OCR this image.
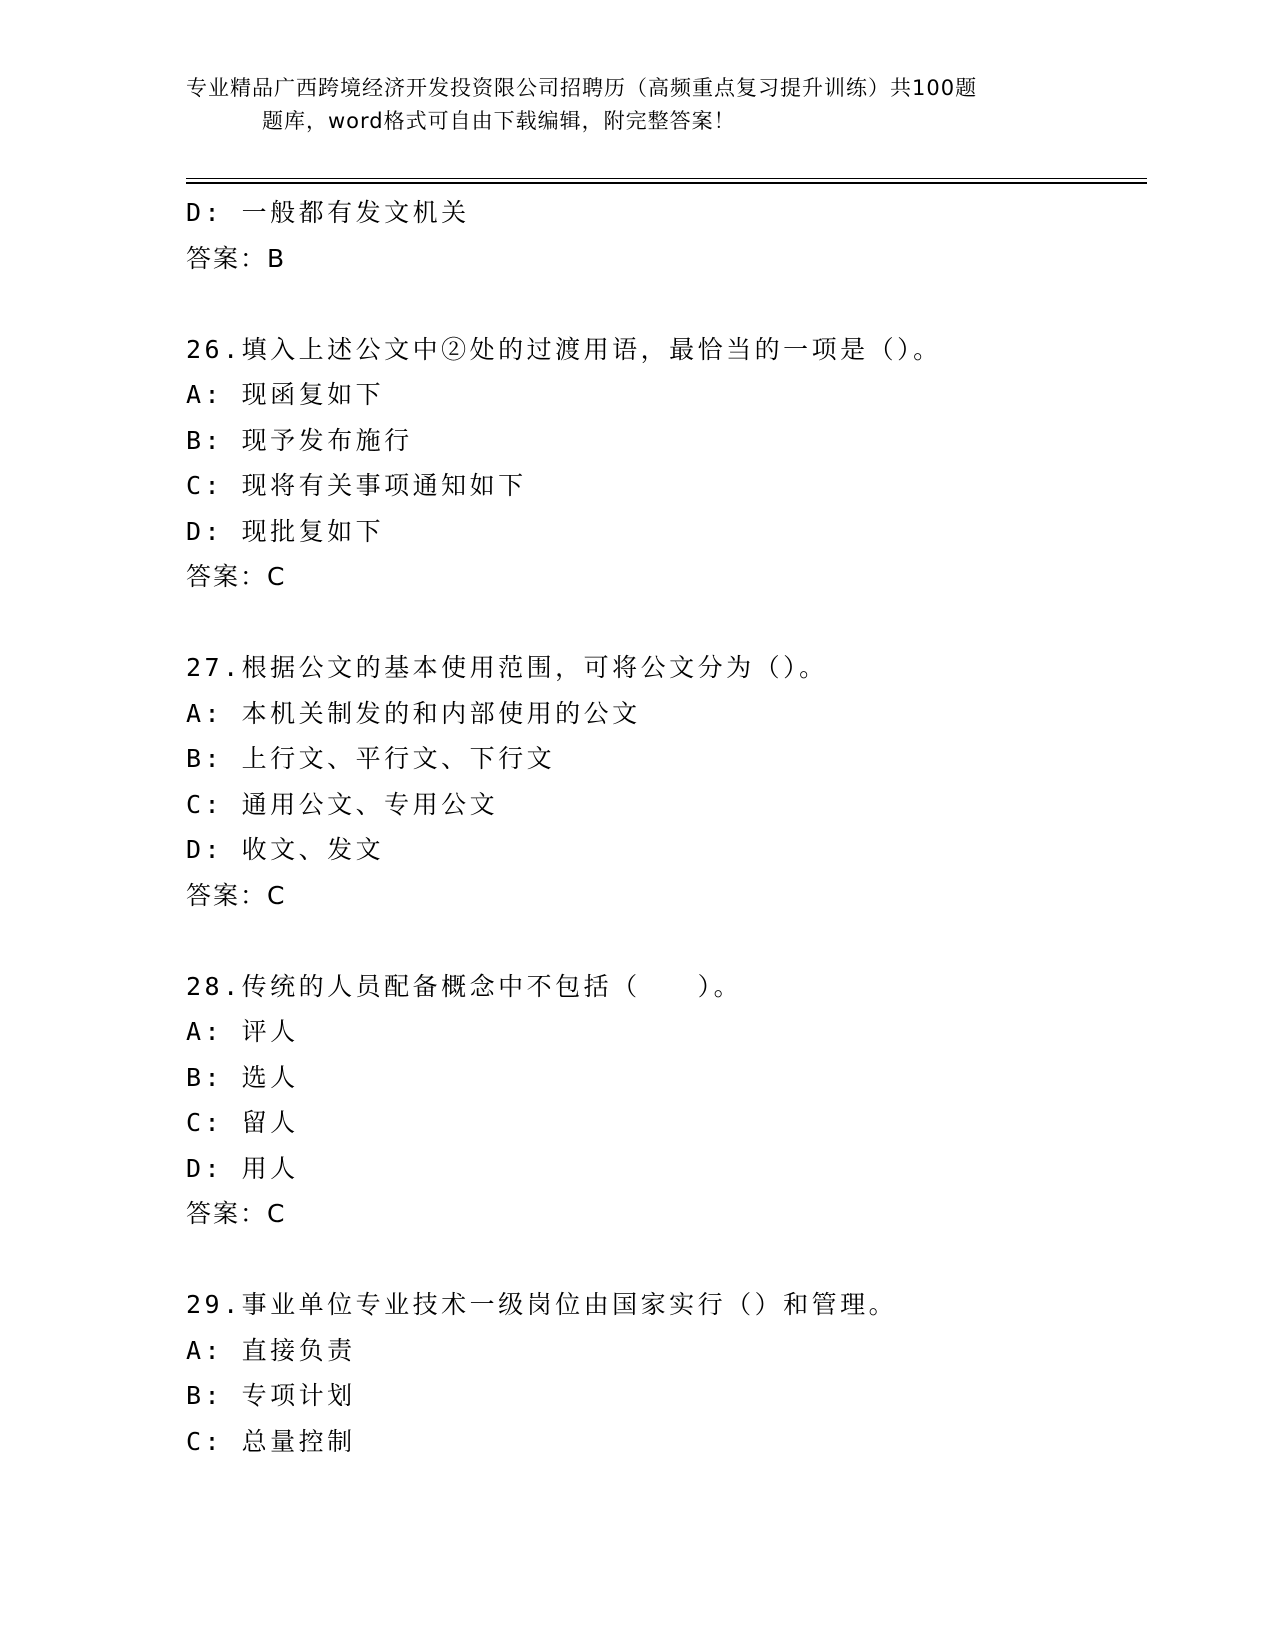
专业精品广西跨境经济开发投资限公司招聘历（高频重点复习提升训练）共100题
题库，word格式可自由下载编辑，附完整答案！
D: 一般都有发文机关
答案：B
26.填入上述公文中②处的过渡用语，最恰当的一项是（）。
A: 现函复如下
B: 现予发布施行
C: 现将有关事项通知如下
D: 现批复如下
答案：C
27.根据公文的基本使用范围，可将公文分为（）。
A: 本机关制发的和内部使用的公文
B: 上行文、平行文、下行文
C: 通用公文、专用公文
D: 收文、发文
答案：C
28.传统的人员配备概念中不包括（　　）。
A: 评人
B: 选人
C: 留人
D: 用人
答案：C
29.事业单位专业技术一级岗位由国家实行（）和管理。
A: 直接负责
B: 专项计划
C: 总量控制
